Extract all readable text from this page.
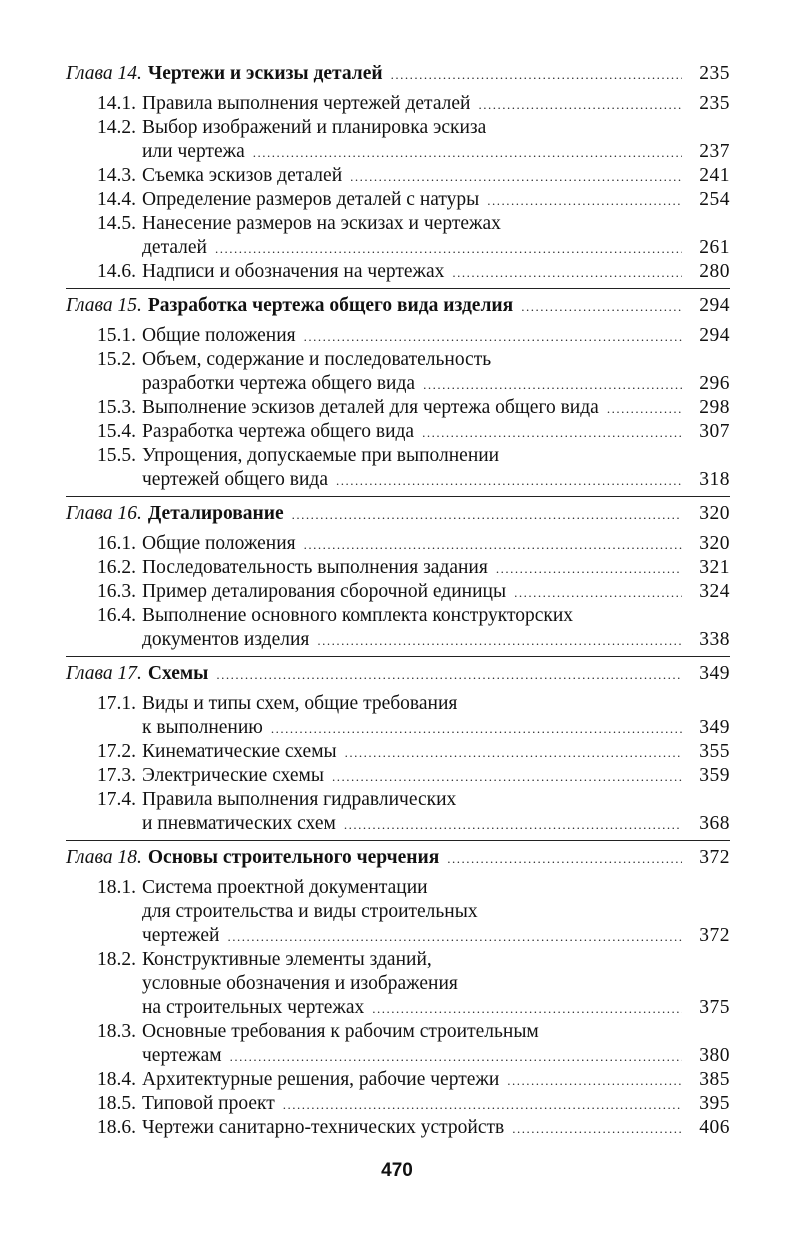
Глава 14. Чертежи и эскизы деталей .....	235
14.1. Правила выполнения чертежей деталей .....	235
14.2. Выбор изображений и планировка эскиза
или чертежа .....	237
14.3. Съемка эскизов деталей .....	241
14.4. Определение размеров деталей с натуры .....	254
14.5. Нанесение размеров на эскизах и чертежах
деталей .....	261
14.6. Надписи и обозначения на чертежах .....	280
Глава 15. Разработка чертежа общего вида изделия .....	294
15.1. Общие положения .....	294
15.2. Объем, содержание и последовательность
разработки чертежа общего вида .....	296
15.3. Выполнение эскизов деталей для чертежа общего вида .....	298
15.4. Разработка чертежа общего вида .....	307
15.5. Упрощения, допускаемые при выполнении
чертежей общего вида .....	318
Глава 16. Деталирование .....	320
16.1. Общие положения .....	320
16.2. Последовательность выполнения задания .....	321
16.3. Пример деталирования сборочной единицы .....	324
16.4. Выполнение основного комплекта конструкторских
документов изделия .....	338
Глава 17. Схемы .....	349
17.1. Виды и типы схем, общие требования
к выполнению .....	349
17.2. Кинематические схемы .....	355
17.3. Электрические схемы .....	359
17.4. Правила выполнения гидравлических
и пневматических схем .....	368
Глава 18. Основы строительного черчения .....	372
18.1. Система проектной документации
для строительства и виды строительных
чертежей .....	372
18.2. Конструктивные элементы зданий,
условные обозначения и изображения
на строительных чертежах .....	375
18.3. Основные требования к рабочим строительным
чертежам .....	380
18.4. Архитектурные решения, рабочие чертежи .....	385
18.5. Типовой проект .....	395
18.6. Чертежи санитарно-технических устройств .....	406
470
